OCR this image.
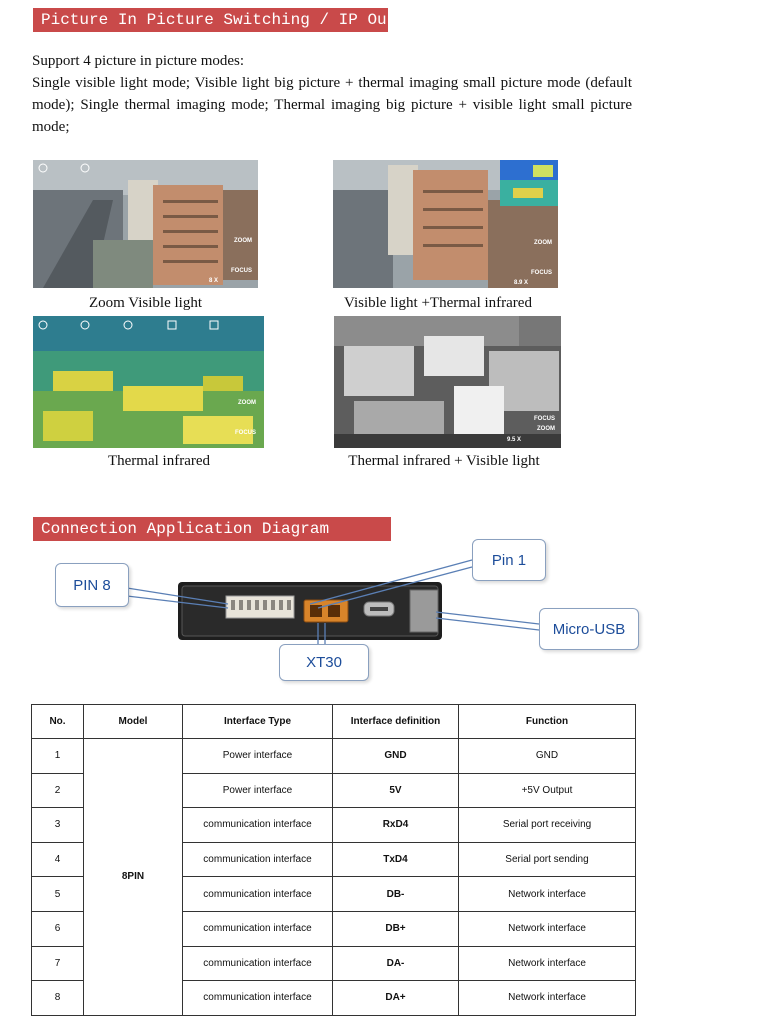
Picture In Picture Switching / IP Output

Support 4 picture in picture modes:

Single visible light mode; Visible light big picture + thermal imaging small picture mode (default mode); Single thermal imaging mode; Thermal imaging big picture + visible light small picture mode;

ZOOM
FOCUS
8 X
Zoom Visible light
ZOOM
FOCUS
8.9 X
Visible light +Thermal infrared
ZOOM
FOCUS
Thermal infrared
ZOOM
FOCUS
9.5 X
Thermal infrared + Visible light
Connection Application Diagram
PIN 8
Pin 1
Micro-USB
XT30
No.	Model	Interface Type	Interface definition	Function
1	8PIN	Power interface	GND	GND
2		Power interface	5V	+5V Output
3		communication interface	RxD4	Serial port receiving
4		communication interface	TxD4	Serial port sending
5		communication interface	DB-	Network interface
6		communication interface	DB+	Network interface
7		communication interface	DA-	Network interface
8		communication interface	DA+	Network interface
